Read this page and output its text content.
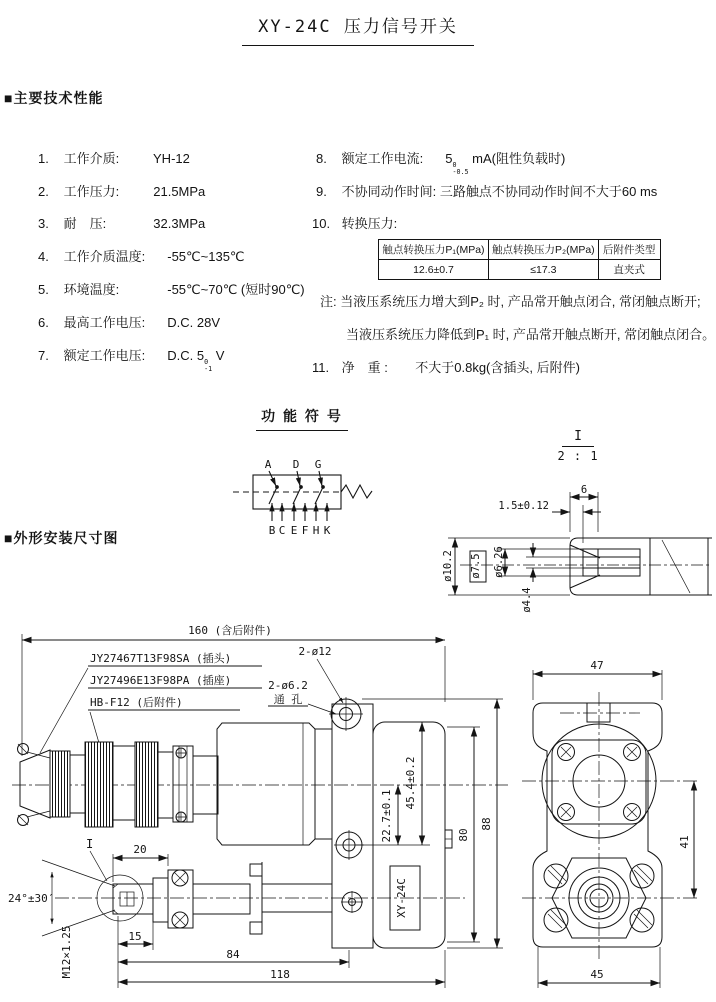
XY-24C 压力信号开关
■主要技术性能
1. 工作介质:	YH-12
2. 工作压力:	21.5MPa
3. 耐　压:	32.3MPa
4. 工作介质温度: -55℃~135℃
5. 环境温度:	-55℃~70℃ (短时90℃)
6. 最高工作电压: D.C. 28V
7. 额定工作电压: D.C. 5 0
-1
V
8. 额定工作电流: 5 0
-0.5
mA(阻性负载时)
9. 不协同动作时间: 三路触点不协同动作时间不大于60 ms
10. 转换压力:
触点转换压力P₁(MPa)	触点转换压力P₂(MPa)	后附件类型
12.6±0.7	≤17.3	直夹式
注: 当液压系统压力增大到P₂ 时, 产品常开触点闭合, 常闭触点断开;
当液压系统压力降低到P₁ 时, 产品常开触点断开, 常闭触点闭合。
11. 净　重 : 不大于0.8kg(含插头, 后附件)
功 能 符 号
$\frac{I}{2 : 1}$
■外形安装尺寸图
A D G
B C E F H K
6
1.5±0.12
ø10.2 ø7.5 ø6.26
ø4.4
160 (含后附件)
JY27467T13F98SA (插头)
JY27496E13F98PA (插座)
HB-F12 (后附件)
2-ø12
2-ø6.2
通 孔
45.4±0.2
22.7±0.1	80
88
XY-24C
I	20
24°±30′
M12×1.25	15
84
118
47
41
45
